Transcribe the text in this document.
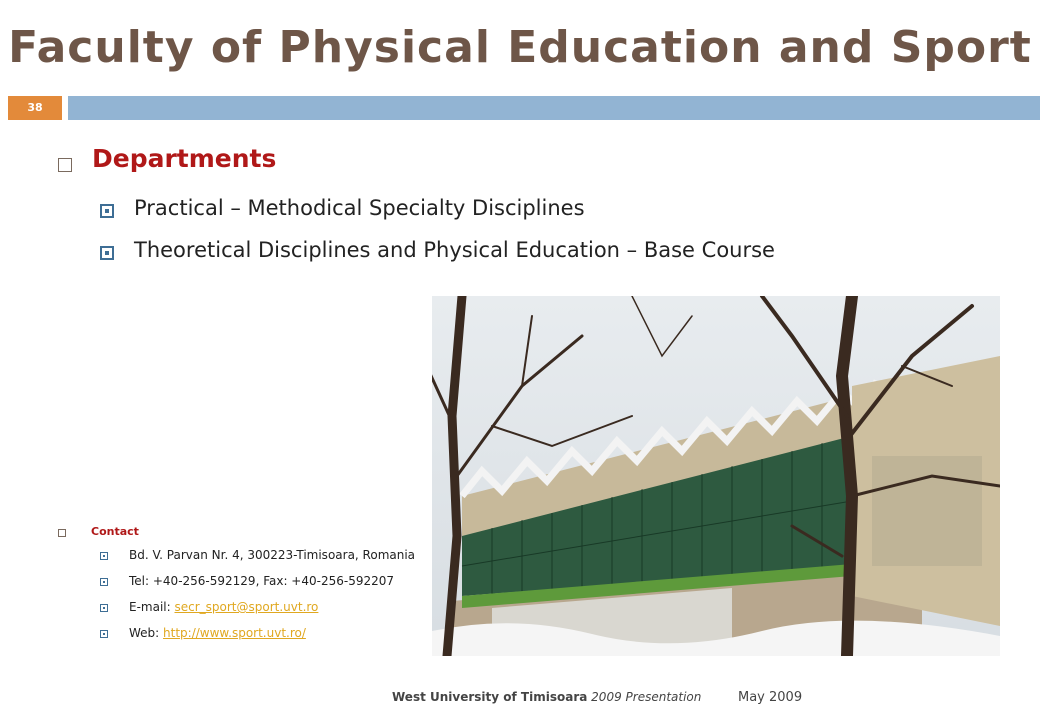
Faculty of Physical Education and Sport
38
Departments
Practical – Methodical Specialty Disciplines
Theoretical Disciplines and Physical Education – Base Course
Contact
Bd. V. Parvan Nr. 4, 300223-Timisoara, Romania
Tel: +40-256-592129, Fax: +40-256-592207
E-mail: secr_sport@sport.uvt.ro
Web: http://www.sport.uvt.ro/
West University of Timisoara 2009 Presentation	May 2009
